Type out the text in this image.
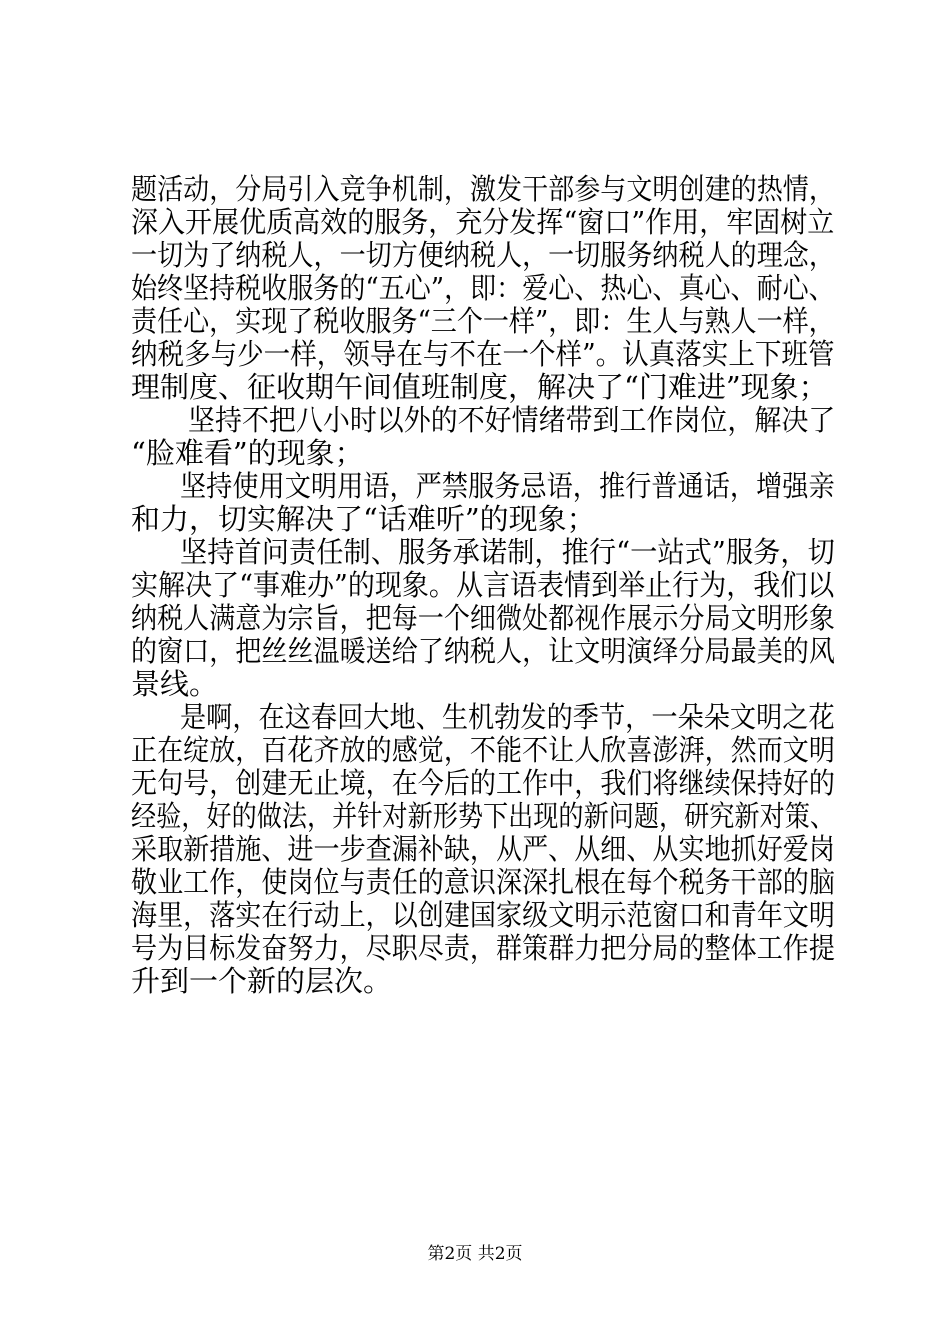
题活动，分局引入竞争机制，激发干部参与文明创建的热情，
深入开展优质高效的服务，充分发挥“窗口”作用，牢固树立
一切为了纳税人，一切方便纳税人，一切服务纳税人的理念，
始终坚持税收服务的“五心”，即：爱心、热心、真心、耐心、
责任心，实现了税收服务“三个一样”，即：生人与熟人一样，
纳税多与少一样，领导在与不在一个样”。认真落实上下班管
理制度、征收期午间值班制度，解决了“门难进”现象；
坚持不把八小时以外的不好情绪带到工作岗位，解决了
“脸难看”的现象；
坚持使用文明用语，严禁服务忌语，推行普通话，增强亲
和力，切实解决了“话难听”的现象；
坚持首问责任制、服务承诺制，推行“一站式”服务，切
实解决了“事难办”的现象。从言语表情到举止行为，我们以
纳税人满意为宗旨，把每一个细微处都视作展示分局文明形象
的窗口，把丝丝温暖送给了纳税人，让文明演绎分局最美的风
景线。
是啊，在这春回大地、生机勃发的季节，一朵朵文明之花
正在绽放，百花齐放的感觉，不能不让人欣喜澎湃，然而文明
无句号，创建无止境，在今后的工作中，我们将继续保持好的
经验，好的做法，并针对新形势下出现的新问题，研究新对策、
采取新措施、进一步查漏补缺，从严、从细、从实地抓好爱岗
敬业工作，使岗位与责任的意识深深扎根在每个税务干部的脑
海里，落实在行动上，以创建国家级文明示范窗口和青年文明
号为目标发奋努力，尽职尽责，群策群力把分局的整体工作提
升到一个新的层次。
第2页 共2页
